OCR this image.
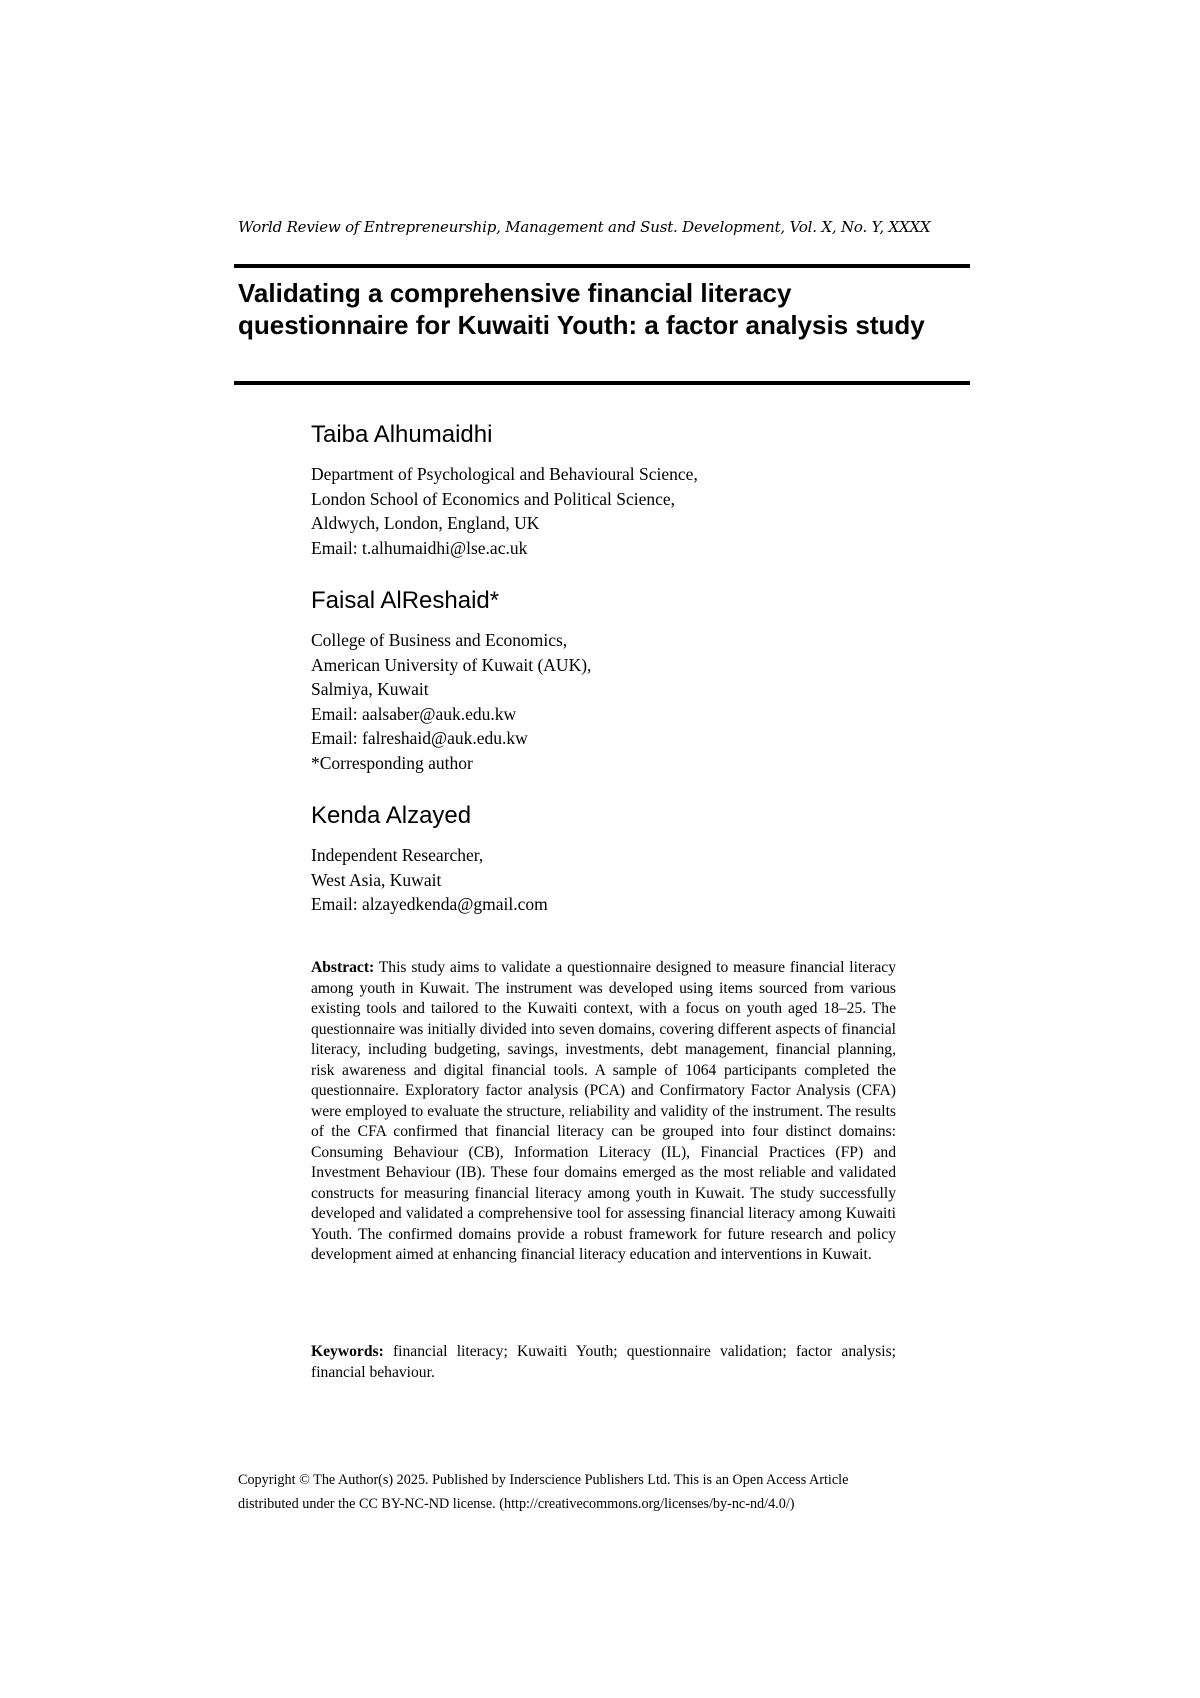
World Review of Entrepreneurship, Management and Sust. Development, Vol. X, No. Y, XXXX
Validating a comprehensive financial literacy questionnaire for Kuwaiti Youth: a factor analysis study
Taiba Alhumaidhi
Department of Psychological and Behavioural Science,
London School of Economics and Political Science,
Aldwych, London, England, UK
Email: t.alhumaidhi@lse.ac.uk
Faisal AlReshaid*
College of Business and Economics,
American University of Kuwait (AUK),
Salmiya, Kuwait
Email: aalsaber@auk.edu.kw
Email: falreshaid@auk.edu.kw
*Corresponding author
Kenda Alzayed
Independent Researcher,
West Asia, Kuwait
Email: alzayedkenda@gmail.com

Abstract: This study aims to validate a questionnaire designed to measure financial literacy among youth in Kuwait. The instrument was developed using items sourced from various existing tools and tailored to the Kuwaiti context, with a focus on youth aged 18–25. The questionnaire was initially divided into seven domains, covering different aspects of financial literacy, including budgeting, savings, investments, debt management, financial planning, risk awareness and digital financial tools. A sample of 1064 participants completed the questionnaire. Exploratory factor analysis (PCA) and Confirmatory Factor Analysis (CFA) were employed to evaluate the structure, reliability and validity of the instrument. The results of the CFA confirmed that financial literacy can be grouped into four distinct domains: Consuming Behaviour (CB), Information Literacy (IL), Financial Practices (FP) and Investment Behaviour (IB). These four domains emerged as the most reliable and validated constructs for measuring financial literacy among youth in Kuwait. The study successfully developed and validated a comprehensive tool for assessing financial literacy among Kuwaiti Youth. The confirmed domains provide a robust framework for future research and policy development aimed at enhancing financial literacy education and interventions in Kuwait.

Keywords: financial literacy; Kuwaiti Youth; questionnaire validation; factor analysis; financial behaviour.

Copyright © The Author(s) 2025. Published by Inderscience Publishers Ltd. This is an Open Access Article
distributed under the CC BY-NC-ND license. (http://creativecommons.org/licenses/by-nc-nd/4.0/)
